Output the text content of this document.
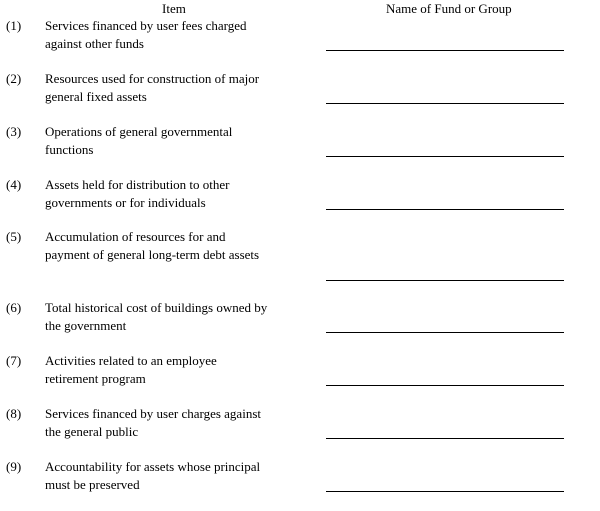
Item	Name of Fund or Group
(1) Services financed by user fees charged
against other funds
(2) Resources used for construction of major
general fixed assets
(3) Operations of general governmental
functions
(4) Assets held for distribution to other
governments or for individuals
(5) Accumulation of resources for and
payment of general long-term debt assets
(6) Total historical cost of buildings owned by
the government
(7) Activities related to an employee
retirement program
(8) Services financed by user charges against
the general public
(9) Accountability for assets whose principal
must be preserved
